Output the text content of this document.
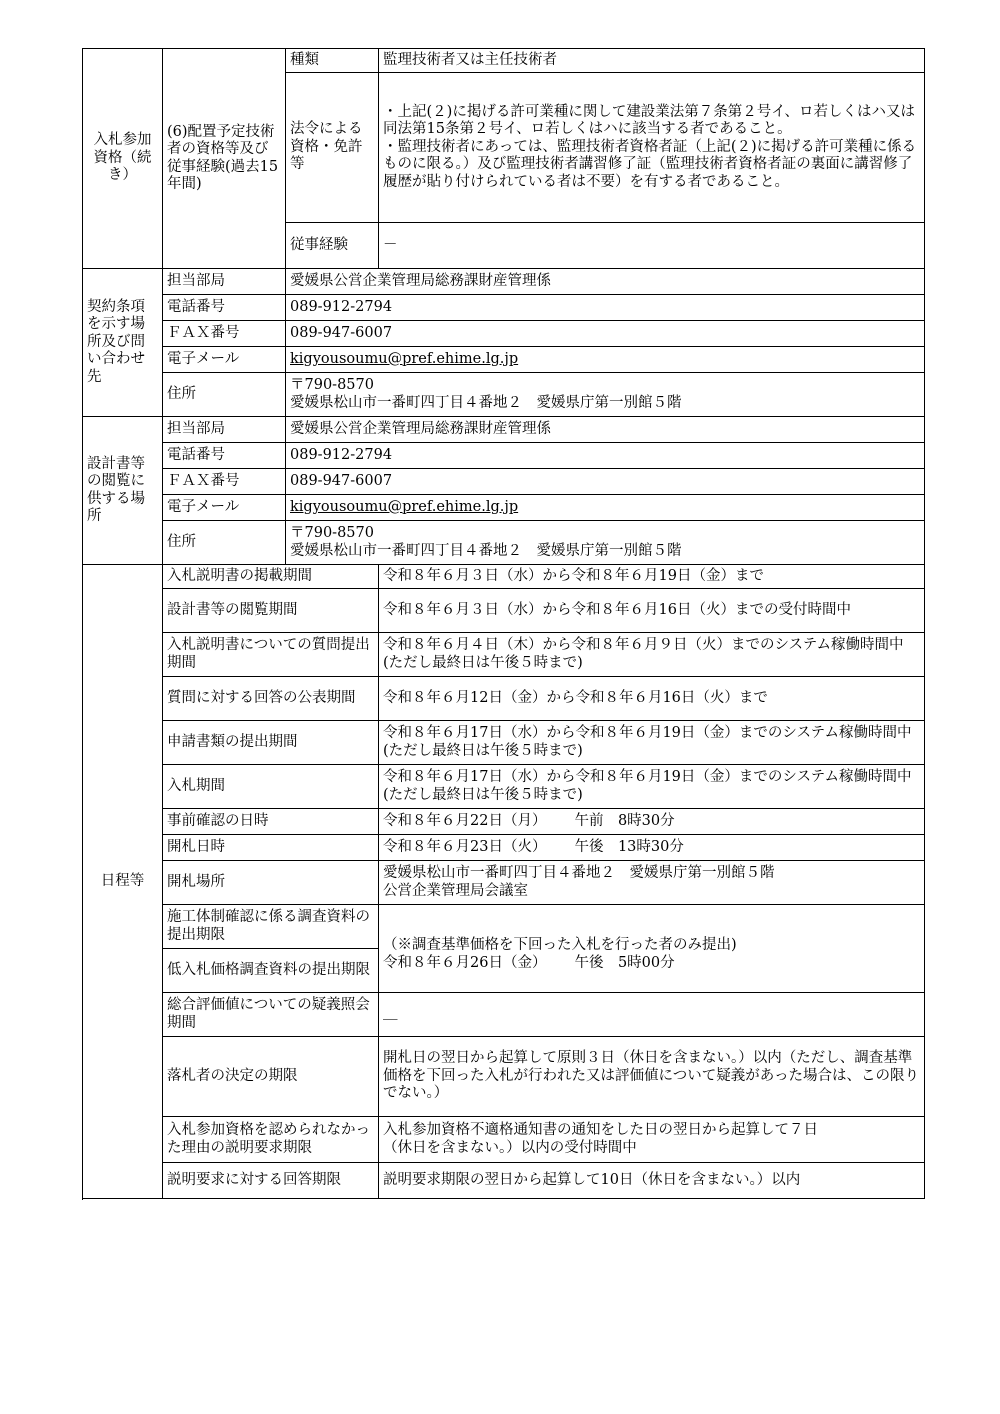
入札参加資格（続き）	(6)配置予定技術者の資格等及び従事経験(過去15年間)	種類	監理技術者又は主任技術者
		法令による資格・免許等	・上記(２)に掲げる許可業種に関して建設業法第７条第２号イ、ロ若しくはハ又は同法第15条第２号イ、ロ若しくはハに該当する者であること。
・監理技術者にあっては、監理技術者資格者証（上記(２)に掲げる許可業種に係るものに限る。）及び監理技術者講習修了証（監理技術者資格者証の裏面に講習修了履歴が貼り付けられている者は不要）を有する者であること。

		従事経験	－

契約条項を示す場所及び問い合わせ先	担当部局	愛媛県公営企業管理局総務課財産管理係	
	電話番号	089-912-2794	
	ＦＡＸ番号	089-947-6007	
	電子メール	kigyousoumu@pref.ehime.lg.jp	
	住所	〒790-8570
愛媛県松山市一番町四丁目４番地２　愛媛県庁第一別館５階	

設計書等の閲覧に供する場所	担当部局	愛媛県公営企業管理局総務課財産管理係	
	電話番号	089-912-2794	
	ＦＡＸ番号	089-947-6007	
	電子メール	kigyousoumu@pref.ehime.lg.jp	
	住所	〒790-8570
愛媛県松山市一番町四丁目４番地２　愛媛県庁第一別館５階	

日程等	入札説明書の掲載期間		令和８年６月３日（水）から令和８年６月19日（金）まで
	設計書等の閲覧期間		令和８年６月３日（水）から令和８年６月16日（火）までの受付時間中
	入札説明書についての質問提出期間		令和８年６月４日（木）から令和８年６月９日（火）までのシステム稼働時間中(ただし最終日は午後５時まで)
	質問に対する回答の公表期間		令和８年６月12日（金）から令和８年６月16日（火）まで
	申請書類の提出期間		令和８年６月17日（水）から令和８年６月19日（金）までのシステム稼働時間中(ただし最終日は午後５時まで)
	入札期間		令和８年６月17日（水）から令和８年６月19日（金）までのシステム稼働時間中(ただし最終日は午後５時まで)
	事前確認の日時		令和８年６月22日（月） 午前　8時30分
	開札日時		令和８年６月23日（火） 午後　13時30分
	開札場所		愛媛県松山市一番町四丁目４番地２　愛媛県庁第一別館５階
公営企業管理局会議室

	施工体制確認に係る調査資料の提出期限		（※調査基準価格を下回った入札を行った者のみ提出)
令和８年６月26日（金） 午後　5時00分

	低入札価格調査資料の提出期限		
	総合評価値についての疑義照会期間		＿
	落札者の決定の期限		開札日の翌日から起算して原則３日（休日を含まない。）以内（ただし、調査基準価格を下回った入札が行われた又は評価値について疑義があった場合は、この限りでない。）
	入札参加資格を認められなかった理由の説明要求期限		入札参加資格不適格通知書の通知をした日の翌日から起算して７日
（休日を含まない。）以内の受付時間中

	説明要求に対する回答期限		説明要求期限の翌日から起算して10日（休日を含まない。）以内
